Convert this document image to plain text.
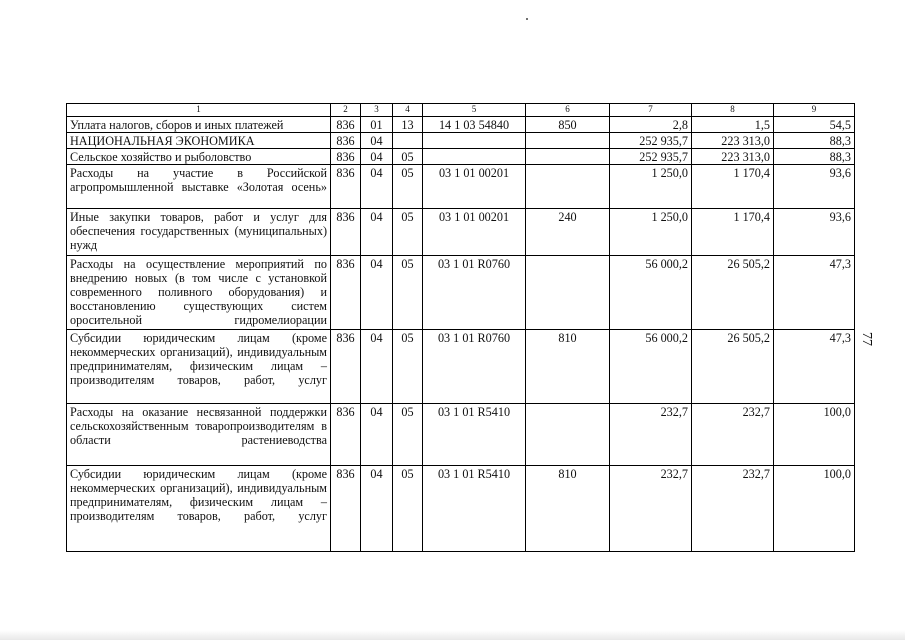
1	2	3	4	5	6	7	8	9
Уплата налогов, сборов и иных платежей	836	01	13	14 1 03 54840	850	2,8	1,5	54,5
НАЦИОНАЛЬНАЯ ЭКОНОМИКА	836	04				252 935,7	223 313,0	88,3
Сельское хозяйство и рыболовство	836	04	05			252 935,7	223 313,0	88,3
Расходы на участие в Российской агропромышленной выставке «Золотая осень»	836	04	05	03 1 01 00201		1 250,0	1 170,4	93,6
Иные закупки товаров, работ и услуг для обеспечения государственных (муниципальных) нужд	836	04	05	03 1 01 00201	240	1 250,0	1 170,4	93,6
Расходы на осуществление мероприятий по внедрению новых (в том числе с установкой современного поливного оборудования) и восстановлению существующих систем оросительной гидромелиорации	836	04	05	03 1 01 R0760		56 000,2	26 505,2	47,3
Субсидии юридическим лицам (кроме некоммерческих организаций), индивидуальным предпринимателям, физическим лицам – производителям товаров, работ, услуг	836	04	05	03 1 01 R0760	810	56 000,2	26 505,2	47,3
Расходы на оказание несвязанной поддержки сельскохозяйственным товаропроизводителям в области растениеводства	836	04	05	03 1 01 R5410		232,7	232,7	100,0
Субсидии юридическим лицам (кроме некоммерческих организаций), индивидуальным предпринимателям, физическим лицам – производителям товаров, работ, услуг	836	04	05	03 1 01 R5410	810	232,7	232,7	100,0
77
